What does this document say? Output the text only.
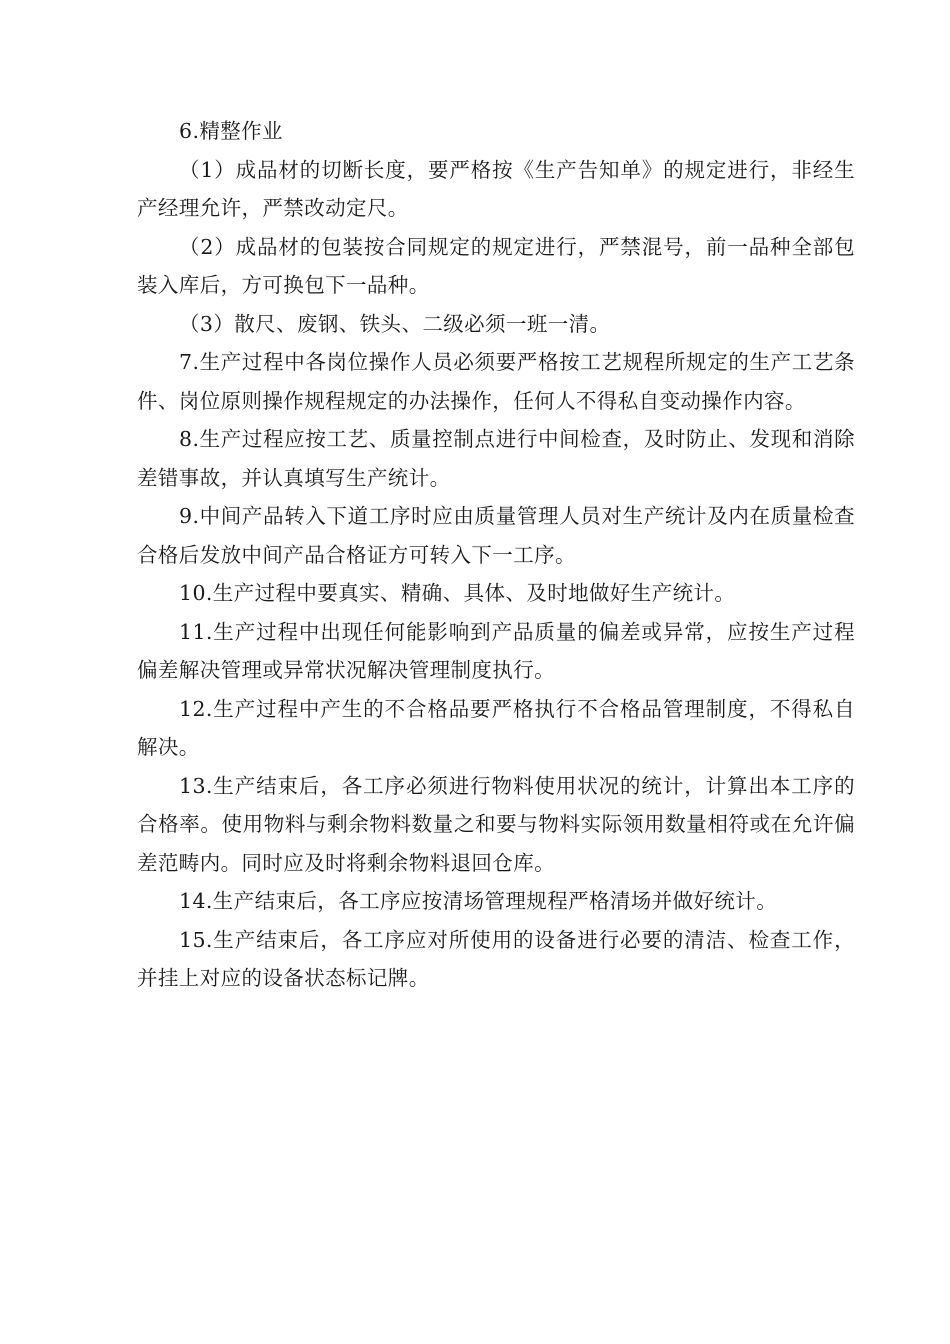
6.精整作业

（1）成品材的切断长度，要严格按《生产告知单》的规定进行，非经生产经理允许，严禁改动定尺。

（2）成品材的包装按合同规定的规定进行，严禁混号，前一品种全部包装入库后，方可换包下一品种。

（3）散尺、废钢、铁头、二级必须一班一清。

7.生产过程中各岗位操作人员必须要严格按工艺规程所规定的生产工艺条件、岗位原则操作规程规定的办法操作，任何人不得私自变动操作内容。

8.生产过程应按工艺、质量控制点进行中间检查，及时防止、发现和消除差错事故，并认真填写生产统计。

9.中间产品转入下道工序时应由质量管理人员对生产统计及内在质量检查合格后发放中间产品合格证方可转入下一工序。

10.生产过程中要真实、精确、具体、及时地做好生产统计。

11.生产过程中出现任何能影响到产品质量的偏差或异常，应按生产过程偏差解决管理或异常状况解决管理制度执行。

12.生产过程中产生的不合格品要严格执行不合格品管理制度，不得私自解决。

13.生产结束后，各工序必须进行物料使用状况的统计，计算出本工序的合格率。使用物料与剩余物料数量之和要与物料实际领用数量相符或在允许偏差范畴内。同时应及时将剩余物料退回仓库。

14.生产结束后，各工序应按清场管理规程严格清场并做好统计。

15.生产结束后，各工序应对所使用的设备进行必要的清洁、检查工作，并挂上对应的设备状态标记牌。
